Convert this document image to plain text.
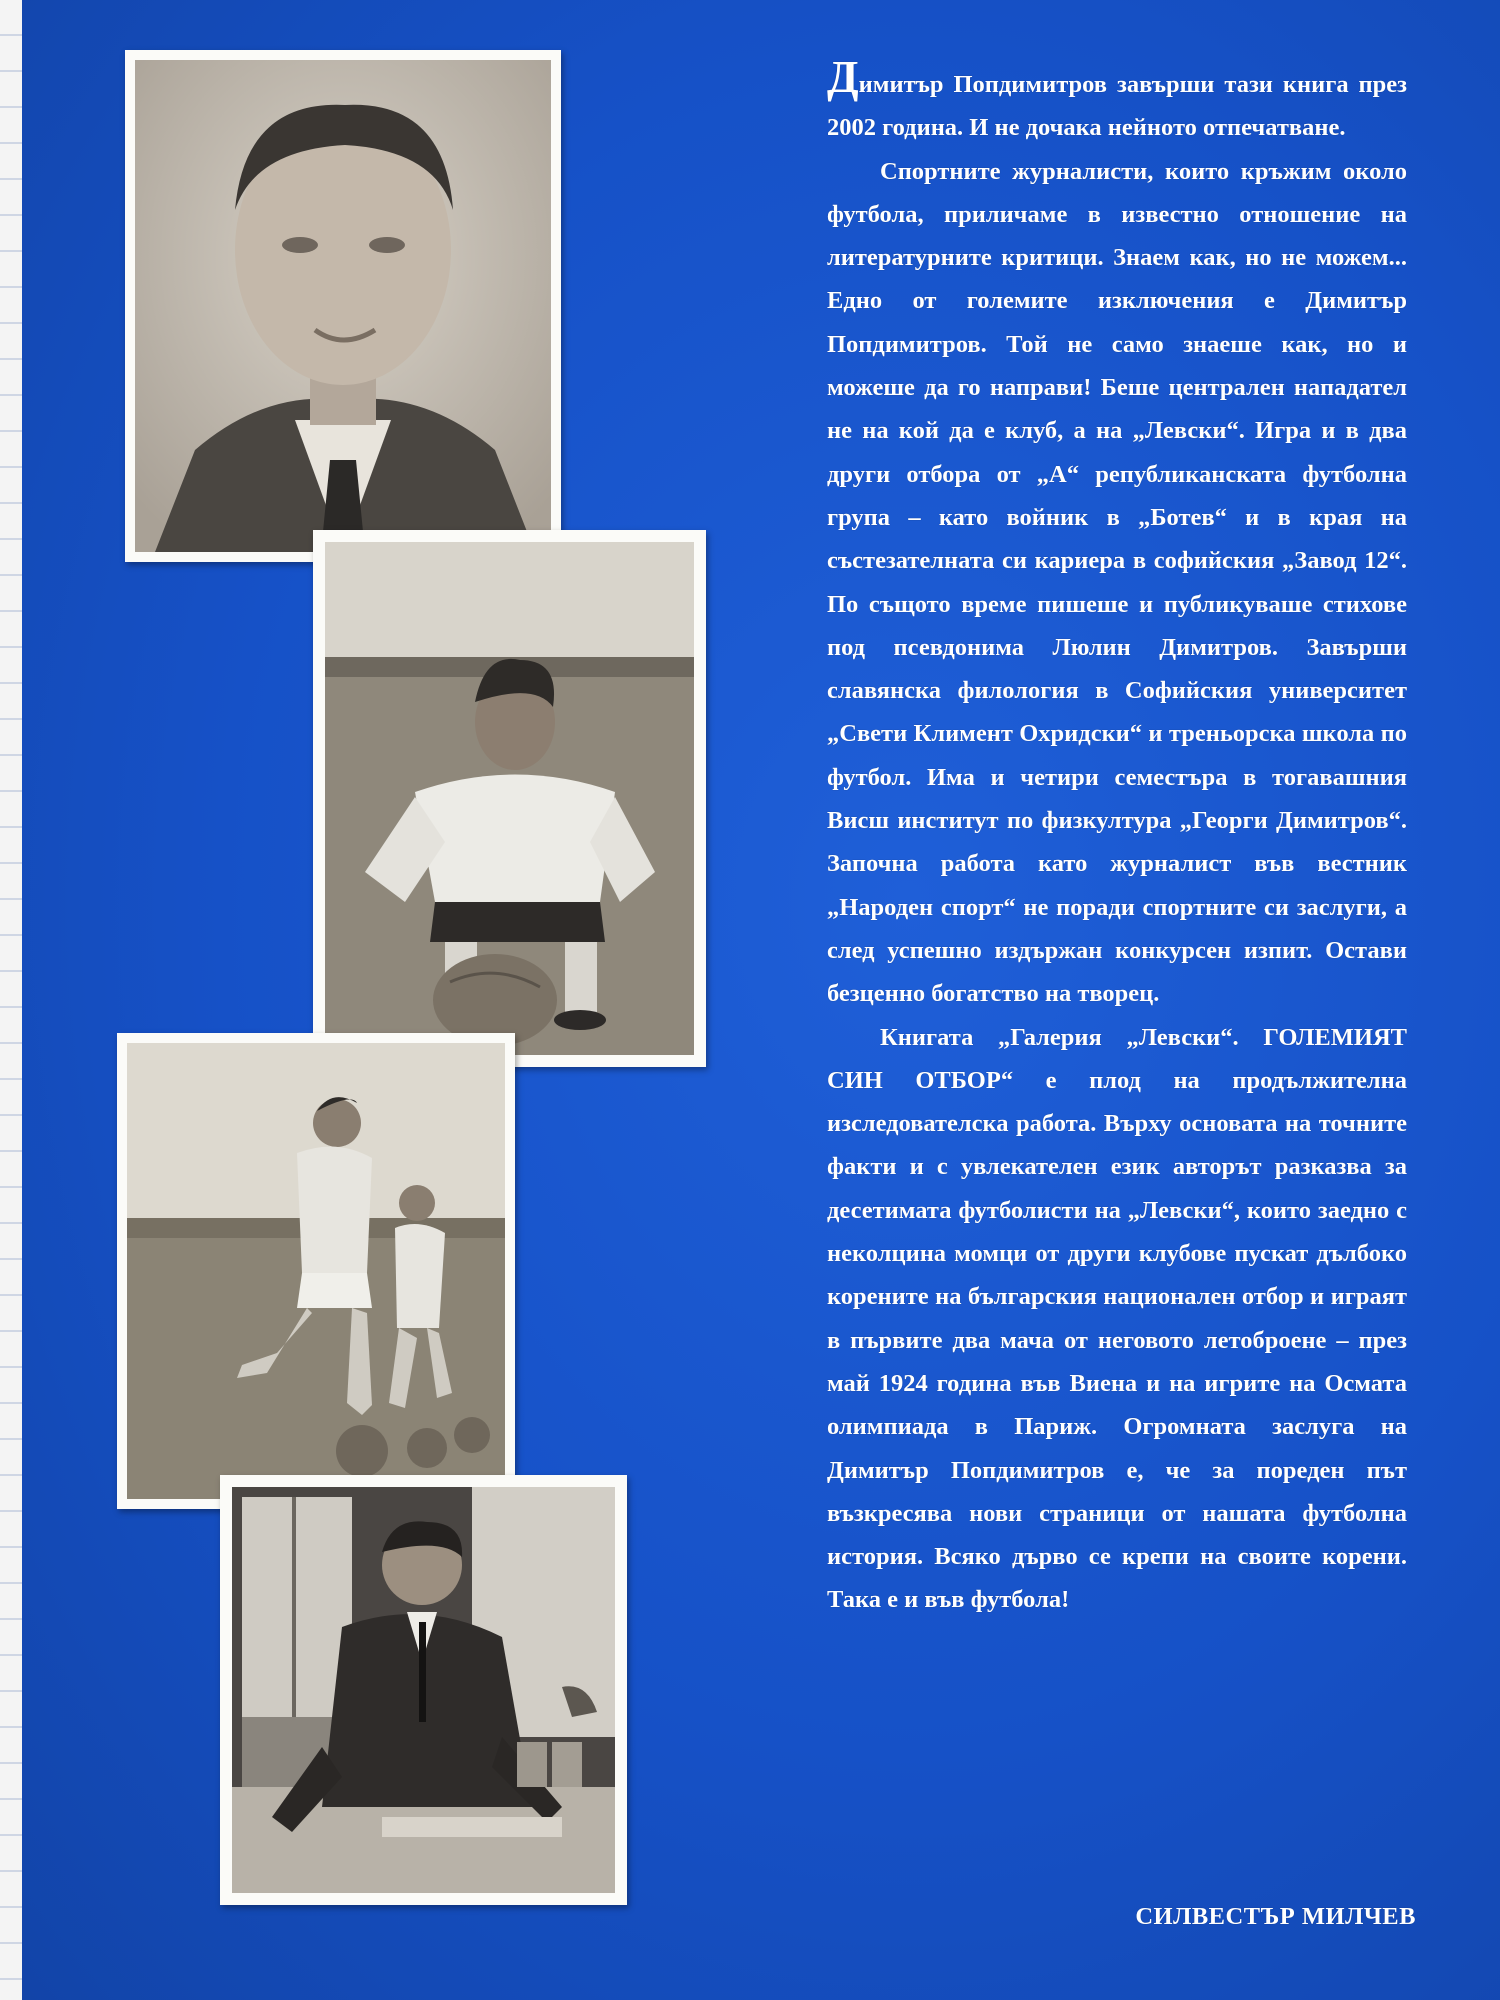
Димитър Попдимитров завърши тази книга през 2002 година. И не дочака нейното отпечатване.

Спортните журналисти, които кръжим около футбола, приличаме в известно отношение на литературните критици. Знаем как, но не можем... Едно от големите изключения е Димитър Попдимитров. Той не само знаеше как, но и можеше да го направи! Беше централен нападател не на кой да е клуб, а на „Левски“. Игра и в два други отбора от „А“ републиканската футболна група – като войник в „Ботев“ и в края на състезателната си кариера в софийския „Завод 12“. По същото време пишеше и публикуваше стихове под псевдонима Люлин Димитров. Завърши славянска филология в Софийския университет „Свети Климент Охридски“ и треньорска школа по футбол. Има и четири семестъра в тогавашния Висш институт по физкултура „Георги Димитров“. Започна работа като журналист във вестник „Народен спорт“ не поради спортните си заслуги, а след успешно издържан конкурсен изпит. Остави безценно богатство на творец.

Книгата „Галерия „Левски“. ГОЛЕМИЯТ СИН ОТБОР“ е плод на продължителна изследователска работа. Върху основата на точните факти и с увлекателен език авторът разказва за десетимата футболисти на „Левски“, които заедно с неколцина момци от други клубове пускат дълбоко корените на българския национален отбор и играят в първите два мача от неговото летоброене – през май 1924 година във Виена и на игрите на Осмата олимпиада в Париж. Огромната заслуга на Димитър Попдимитров е, че за пореден път възкресява нови страници от нашата футболна история. Всяко дърво се крепи на своите корени. Така е и във футбола!

СИЛВЕСТЪР МИЛЧЕВ
